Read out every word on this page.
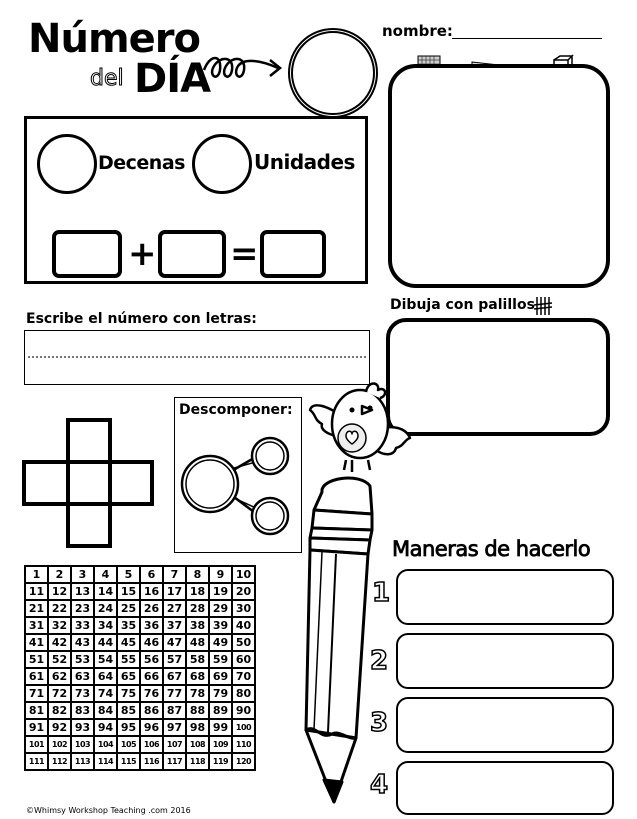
Número
del DÍA
nombre:
Decenas	Unidades
+ =
Escribe el número con letras:
Dibuja con palillos
Descomponer:
1	2	3	4	5	6	7	8	9	10
11	12	13	14	15	16	17	18	19	20
21	22	23	24	25	26	27	28	29	30
31	32	33	34	35	36	37	38	39	40
41	42	43	44	45	46	47	48	49	50
51	52	53	54	55	56	57	58	59	60
61	62	63	64	65	66	67	68	69	70
71	72	73	74	75	76	77	78	79	80
81	82	83	84	85	86	87	88	89	90
91	92	93	94	95	96	97	98	99	100
101	102	103	104	105	106	107	108	109	110
111	112	113	114	115	116	117	118	119	120
Maneras de hacerlo
1
2
3
4
©Whimsy Workshop Teaching .com 2016
